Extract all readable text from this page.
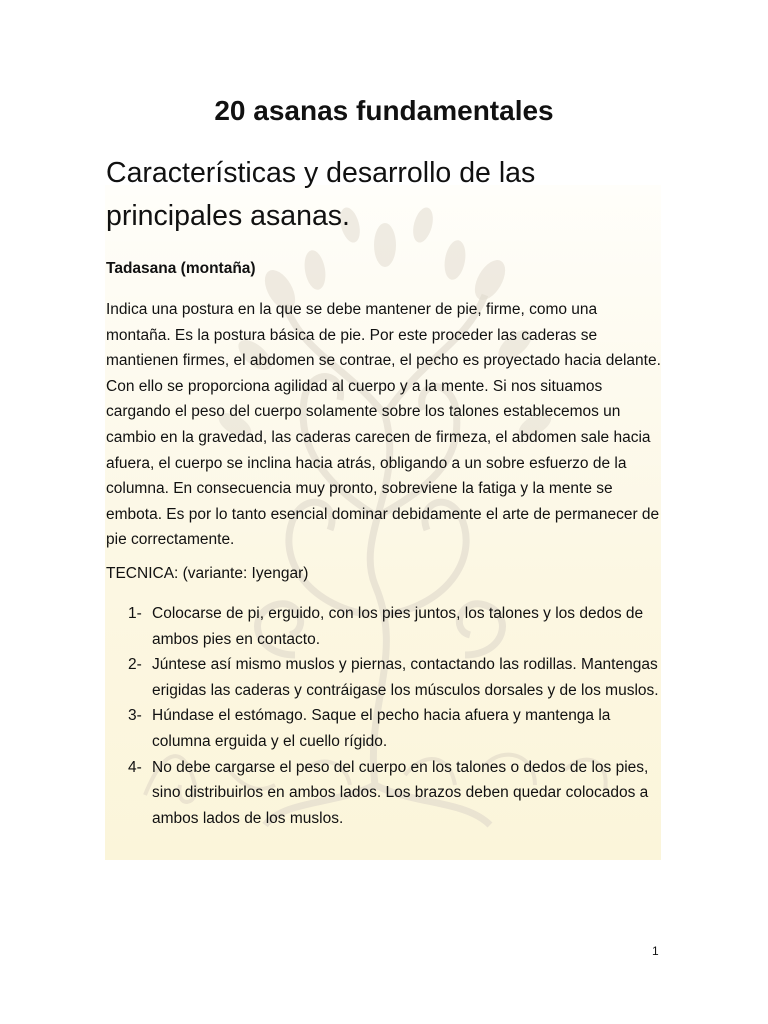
20 asanas fundamentales
Características y desarrollo de las principales asanas.
Tadasana (montaña)

Indica una postura en la que se debe mantener de pie, firme, como una montaña. Es la postura básica de pie. Por este proceder las caderas se mantienen firmes, el abdomen se contrae, el pecho es proyectado hacia delante. Con ello se proporciona agilidad al cuerpo y a la mente. Si nos situamos cargando el peso del cuerpo solamente sobre los talones establecemos un cambio en la gravedad, las caderas carecen de firmeza, el abdomen sale hacia afuera, el cuerpo se inclina hacia atrás, obligando a un sobre esfuerzo de la columna. En consecuencia muy pronto, sobreviene la fatiga y la mente se embota. Es por lo tanto esencial dominar debidamente el arte de permanecer de pie correctamente.

TECNICA: (variante: Iyengar)

1- Colocarse de pi, erguido, con los pies juntos, los talones y los dedos de ambos pies en contacto.
2- Júntese así mismo muslos y piernas, contactando las rodillas. Mantengas erigidas las caderas y contráigase los músculos dorsales y de los muslos.
3- Húndase el estómago. Saque el pecho hacia afuera y mantenga la columna erguida y el cuello rígido.
4- No debe cargarse el peso del cuerpo en los talones o dedos de los pies, sino distribuirlos en ambos lados. Los brazos deben quedar colocados a ambos lados de los muslos.
1
